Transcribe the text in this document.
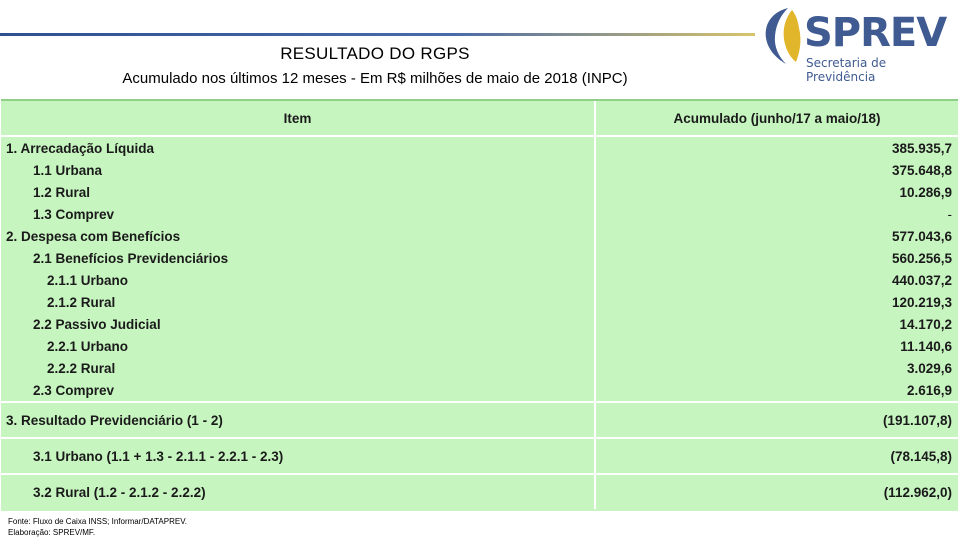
RESULTADO DO RGPS
Acumulado nos últimos 12 meses - Em R$ milhões de maio de 2018 (INPC)
SPREV
Secretaria de Previdência
Item	Acumulado (junho/17 a maio/18)
1. Arrecadação Líquida	385.935,7
1.1 Urbana	375.648,8
1.2 Rural	10.286,9
1.3 Comprev	-
2. Despesa com Benefícios	577.043,6
2.1 Benefícios Previdenciários	560.256,5
2.1.1 Urbano	440.037,2
2.1.2 Rural	120.219,3
2.2 Passivo Judicial	14.170,2
2.2.1 Urbano	11.140,6
2.2.2 Rural	3.029,6
2.3 Comprev	2.616,9
3. Resultado Previdenciário (1 - 2)	(191.107,8)
3.1 Urbano (1.1 + 1.3 - 2.1.1 - 2.2.1 - 2.3)	(78.145,8)
3.2 Rural (1.2 - 2.1.2 - 2.2.2)	(112.962,0)
Fonte: Fluxo de Caixa INSS; Informar/DATAPREV.
Elaboração: SPREV/MF.
